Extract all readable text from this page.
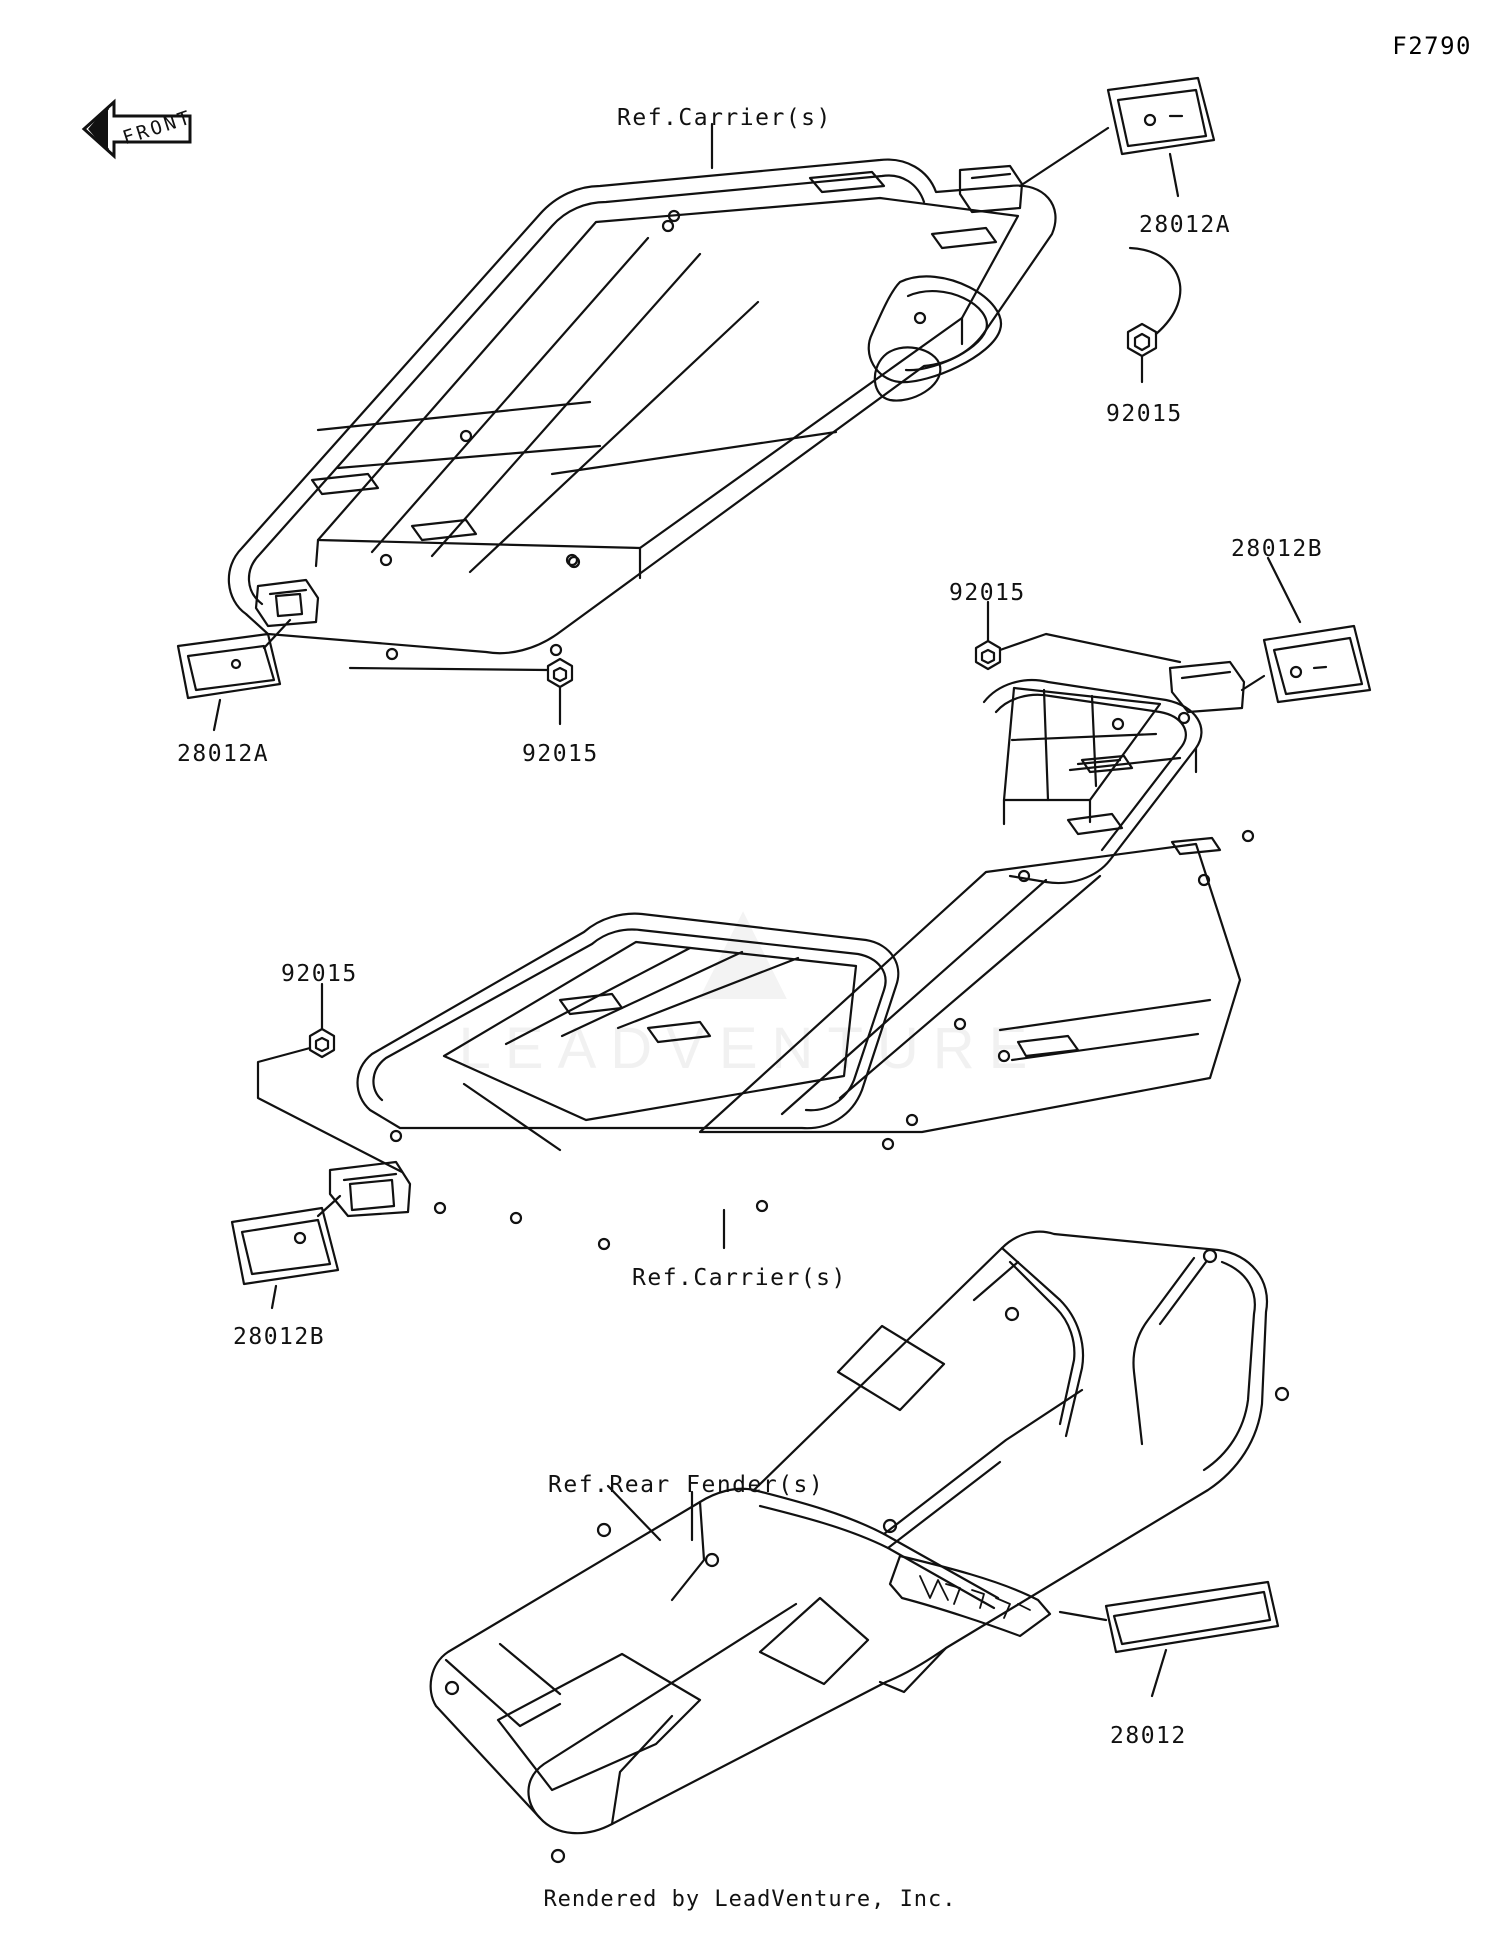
F2790
FRONT
▲
LEADVENTURE
Ref.Carrier(s)
28012A
92015
28012B
92015
28012A	92015
92015
Ref.Carrier(s)
28012B
Ref.Rear Fender(s)
28012
Rendered by LeadVenture, Inc.
